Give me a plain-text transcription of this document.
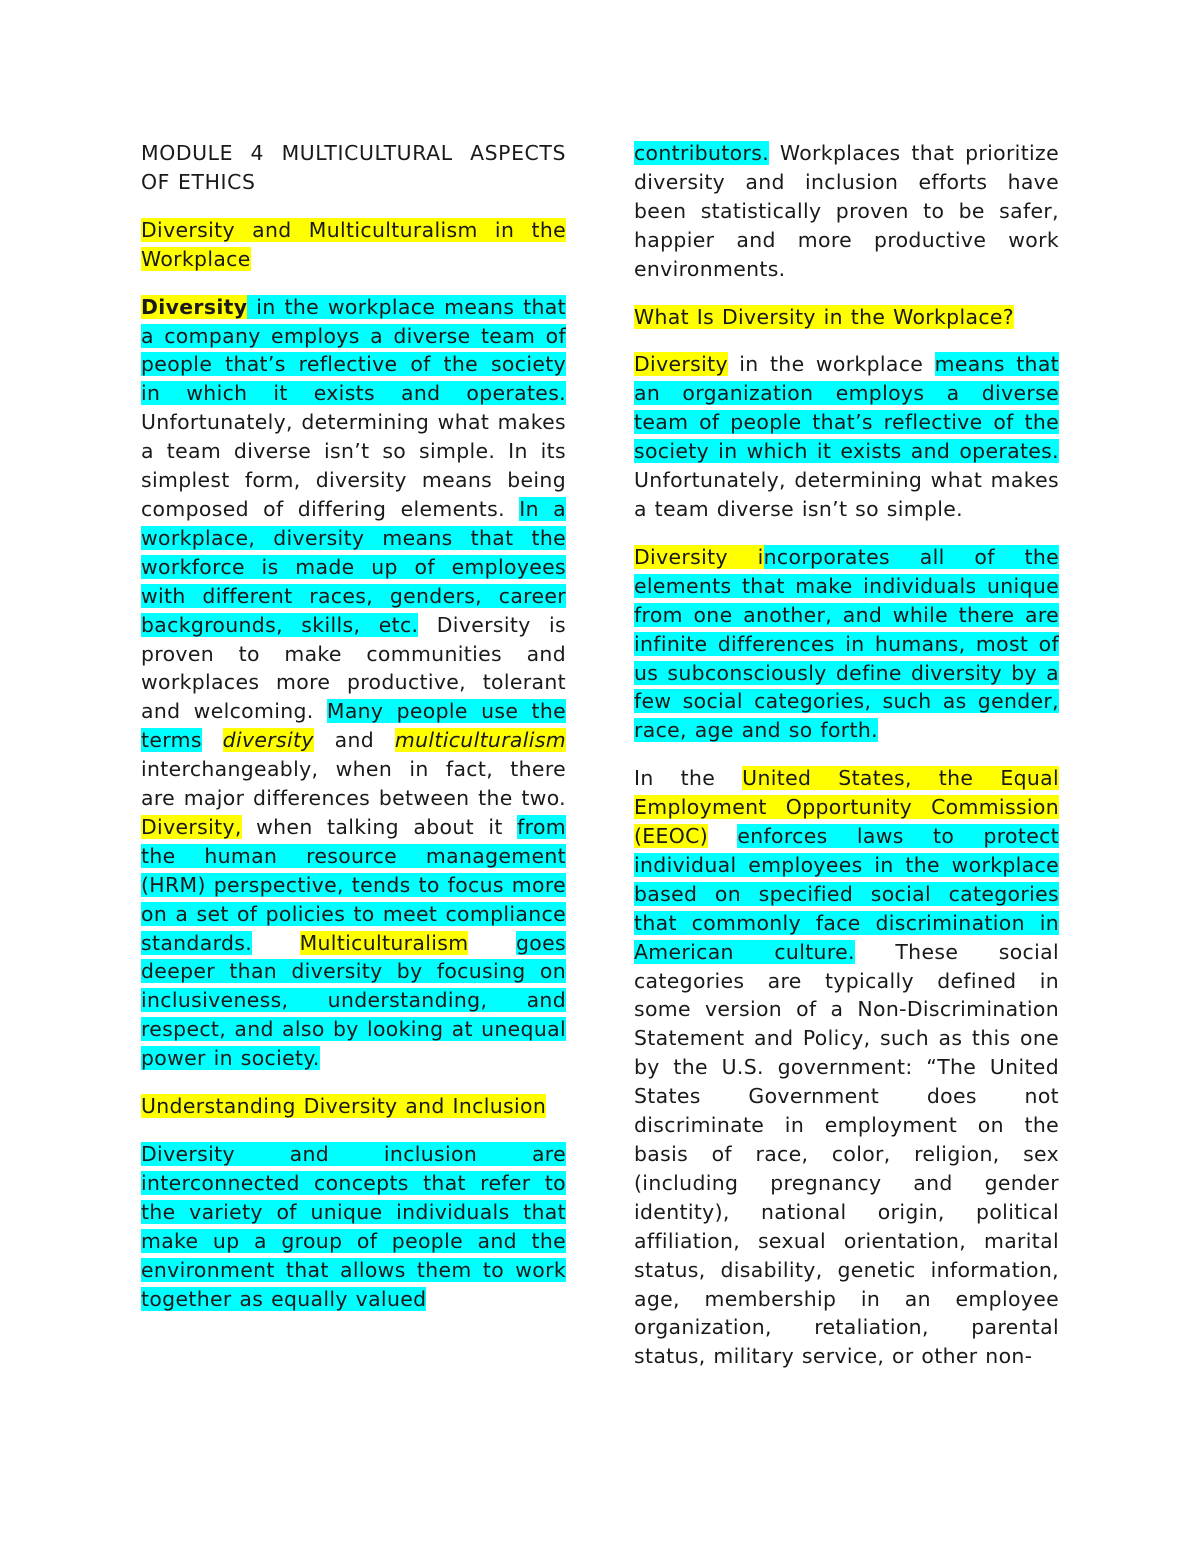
MODULE 4 MULTICULTURAL ASPECTS OF ETHICS

Diversity and Multiculturalism in the Workplace

Diversity in the workplace means that a company employs a diverse team of people that’s reflective of the society in which it exists and operates. Unfortunately, determining what makes a team diverse isn’t so simple. In its simplest form, diversity means being composed of differing elements. In a workplace, diversity means that the workforce is made up of employees with different races, genders, career backgrounds, skills, etc. Diversity is proven to make communities and workplaces more productive, tolerant and welcoming. Many people use the terms diversity and multiculturalism interchangeably, when in fact, there are major differences between the two. Diversity, when talking about it from the human resource management (HRM) perspective, tends to focus more on a set of policies to meet compliance standards. Multiculturalism goes deeper than diversity by focusing on inclusiveness, understanding, and respect, and also by looking at unequal power in society.

Understanding Diversity and Inclusion

Diversity and inclusion are interconnected concepts that refer to the variety of unique individuals that make up a group of people and the environment that allows them to work together as equally valued

contributors. Workplaces that prioritize diversity and inclusion efforts have been statistically proven to be safer, happier and more productive work environments.

What Is Diversity in the Workplace?

Diversity in the workplace means that an organization employs a diverse team of people that’s reflective of the society in which it exists and operates. Unfortunately, determining what makes a team diverse isn’t so simple.

Diversity incorporates all of the elements that make individuals unique from one another, and while there are infinite differences in humans, most of us subconsciously define diversity by a few social categories, such as gender, race, age and so forth.

In the United States, the Equal Employment Opportunity Commission (EEOC) enforces laws to protect individual employees in the workplace based on specified social categories that commonly face discrimination in American culture. These social categories are typically defined in some version of a Non-Discrimination Statement and Policy, such as this one by the U.S. government: “The United States Government does not discriminate in employment on the basis of race, color, religion, sex (including pregnancy and gender identity), national origin, political affiliation, sexual orientation, marital status, disability, genetic information, age, membership in an employee organization, retaliation, parental status, military service, or other non-
